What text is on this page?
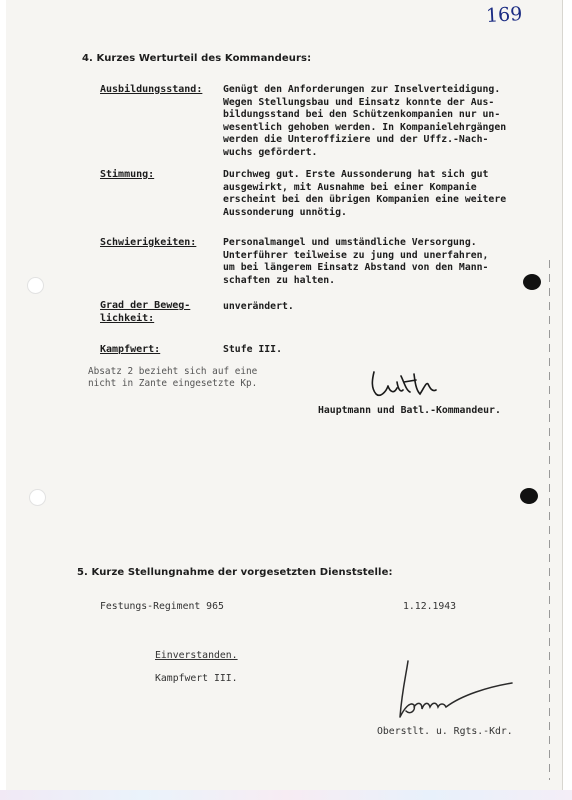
169
4. Kurzes Werturteil des Kommandeurs:
Ausbildungsstand: Genügt den Anforderungen zur Inselverteidigung.
Wegen Stellungsbau und Einsatz konnte der Aus-
bildungsstand bei den Schützenkompanien nur un-
wesentlich gehoben werden. In Kompanielehrgängen
werden die Unteroffiziere und der Uffz.-Nach-
wuchs gefördert.
Stimmung:	Durchweg gut. Erste Aussonderung hat sich gut
ausgewirkt, mit Ausnahme bei einer Kompanie
erscheint bei den übrigen Kompanien eine weitere
Aussonderung unnötig.
Schwierigkeiten:	Personalmangel und umständliche Versorgung.
Unterführer teilweise zu jung und unerfahren,
um bei längerem Einsatz Abstand von den Mann-
schaften zu halten.
Grad der Beweg-
lichkeit:
unverändert.
Kampfwert:	Stufe III.
Absatz 2 bezieht sich auf eine
nicht in Zante eingesetzte Kp.
Hauptmann und Batl.-Kommandeur.
5. Kurze Stellungnahme der vorgesetzten Dienststelle:
Festungs-Regiment 965	1.12.1943
Einverstanden.
Kampfwert III.
Oberstlt. u. Rgts.-Kdr.
